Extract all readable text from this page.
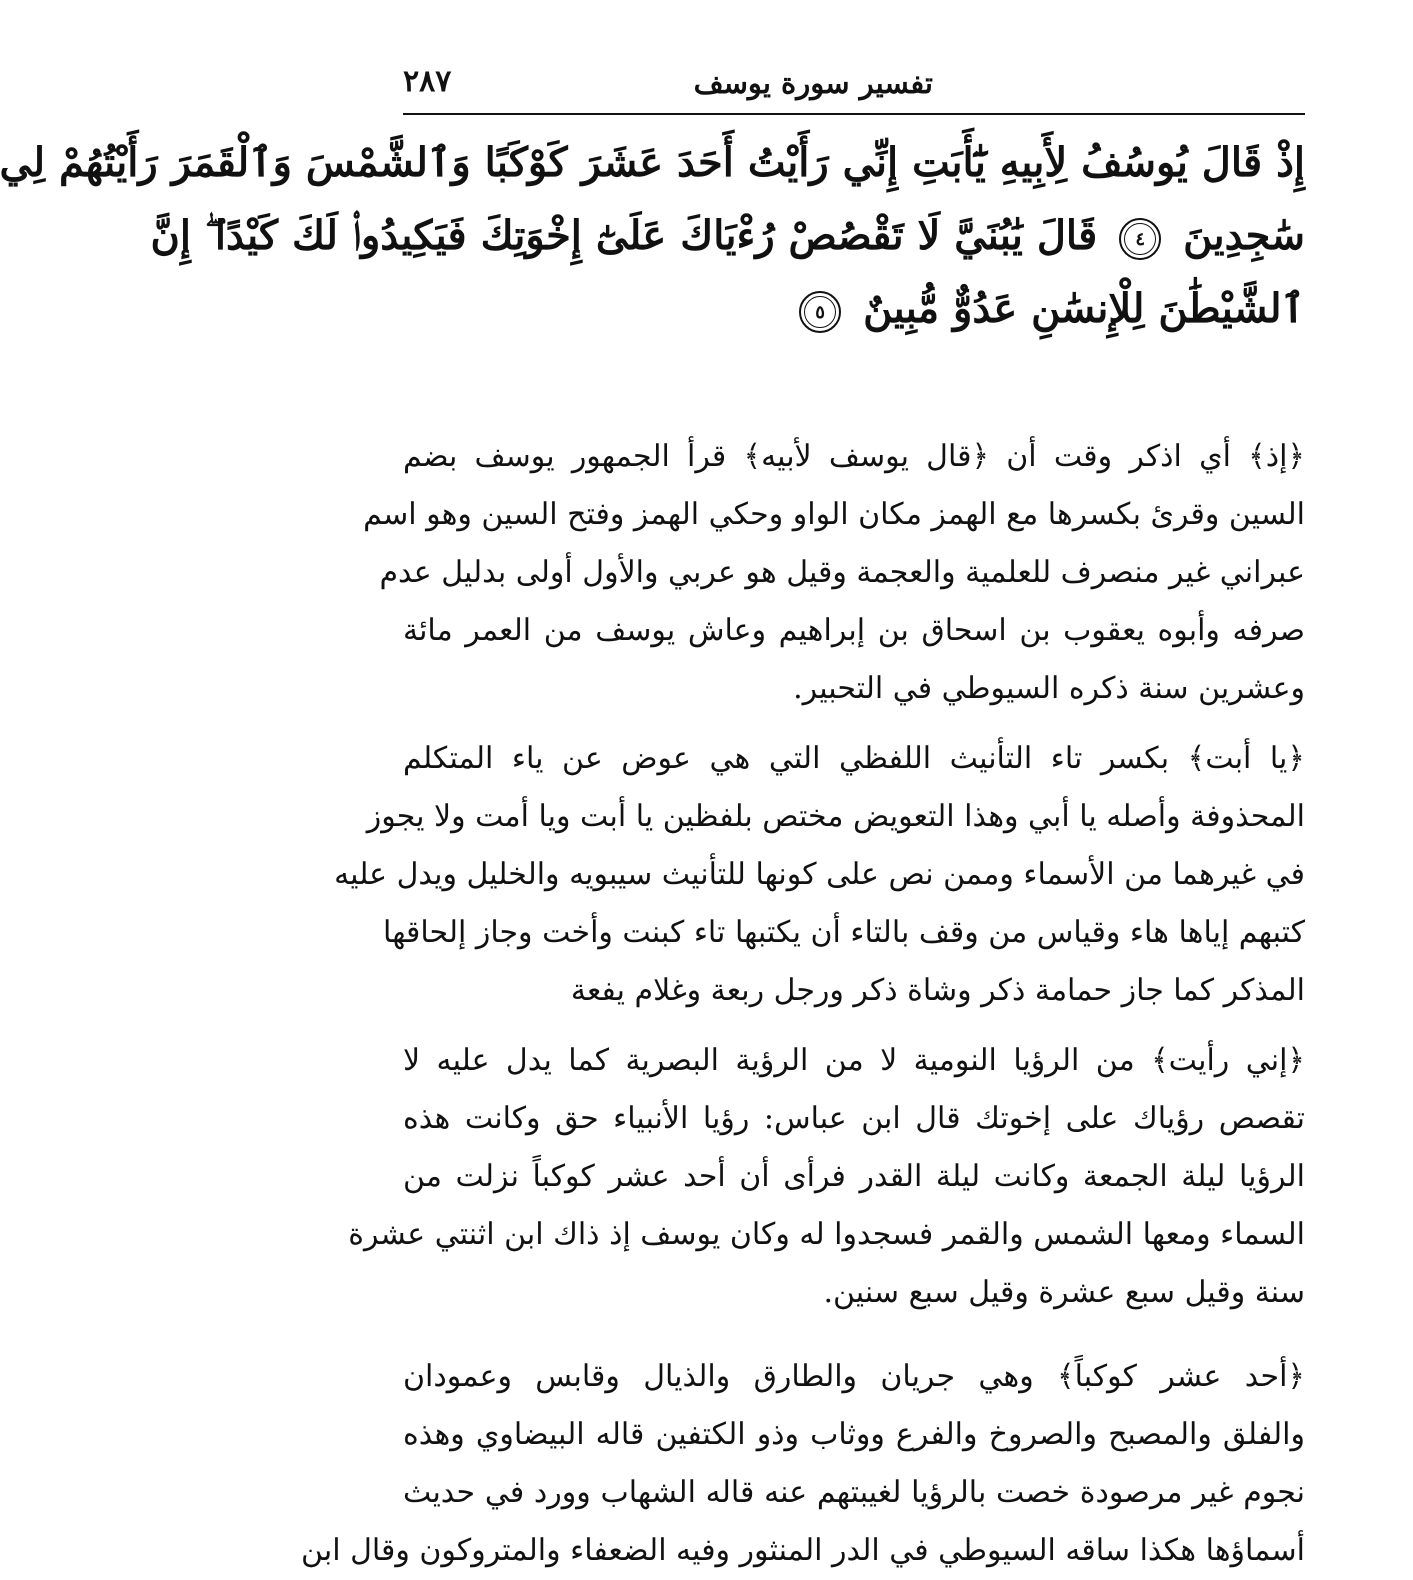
تفسير سورة يوسف
٢٨٧
إِذْ قَالَ يُوسُفُ لِأَبِيهِ يَٰٓأَبَتِ إِنِّي رَأَيْتُ أَحَدَ عَشَرَ كَوْكَبًا وَٱلشَّمْسَ وَٱلْقَمَرَ رَأَيْتُهُمْ لِي
سَٰجِدِينَ
٤
قَالَ يَٰبُنَيَّ لَا تَقْصُصْ رُءْيَاكَ عَلَىٰٓ إِخْوَتِكَ فَيَكِيدُوا۟ لَكَ كَيْدًا ۖ إِنَّ
ٱلشَّيْطَٰنَ لِلْإِنسَٰنِ عَدُوٌّ مُّبِينٌ
٥
﴿إذ﴾ أي اذكر وقت أن ﴿قال يوسف لأبيه﴾ قرأ الجمهور يوسف بضم
السين وقرئ بكسرها مع الهمز مكان الواو وحكي الهمز وفتح السين وهو اسم
عبراني غير منصرف للعلمية والعجمة وقيل هو عربي والأول أولى بدليل عدم
صرفه وأبوه يعقوب بن اسحاق بن إبراهيم وعاش يوسف من العمر مائة
وعشرين سنة ذكره السيوطي في التحبير.
﴿يا أبت﴾ بكسر تاء التأنيث اللفظي التي هي عوض عن ياء المتكلم
المحذوفة وأصله يا أبي وهذا التعويض مختص بلفظين يا أبت ويا أمت ولا يجوز
في غيرهما من الأسماء وممن نص على كونها للتأنيث سيبويه والخليل ويدل عليه
كتبهم إياها هاء وقياس من وقف بالتاء أن يكتبها تاء كبنت وأخت وجاز إلحاقها
المذكر كما جاز حمامة ذكر وشاة ذكر ورجل ربعة وغلام يفعة
﴿إني رأيت﴾ من الرؤيا النومية لا من الرؤية البصرية كما يدل عليه لا
تقصص رؤياك على إخوتك قال ابن عباس: رؤيا الأنبياء حق وكانت هذه
الرؤيا ليلة الجمعة وكانت ليلة القدر فرأى أن أحد عشر كوكباً نزلت من
السماء ومعها الشمس والقمر فسجدوا له وكان يوسف إذ ذاك ابن اثنتي عشرة
سنة وقيل سبع عشرة وقيل سبع سنين.
﴿أحد عشر كوكباً﴾ وهي جريان والطارق والذيال وقابس وعمودان
والفلق والمصبح والصروخ والفرع ووثاب وذو الكتفين قاله البيضاوي وهذه
نجوم غير مرصودة خصت بالرؤيا لغيبتهم عنه قاله الشهاب وورد في حديث
أسماؤها هكذا ساقه السيوطي في الدر المنثور وفيه الضعفاء والمتروكون وقال ابن
